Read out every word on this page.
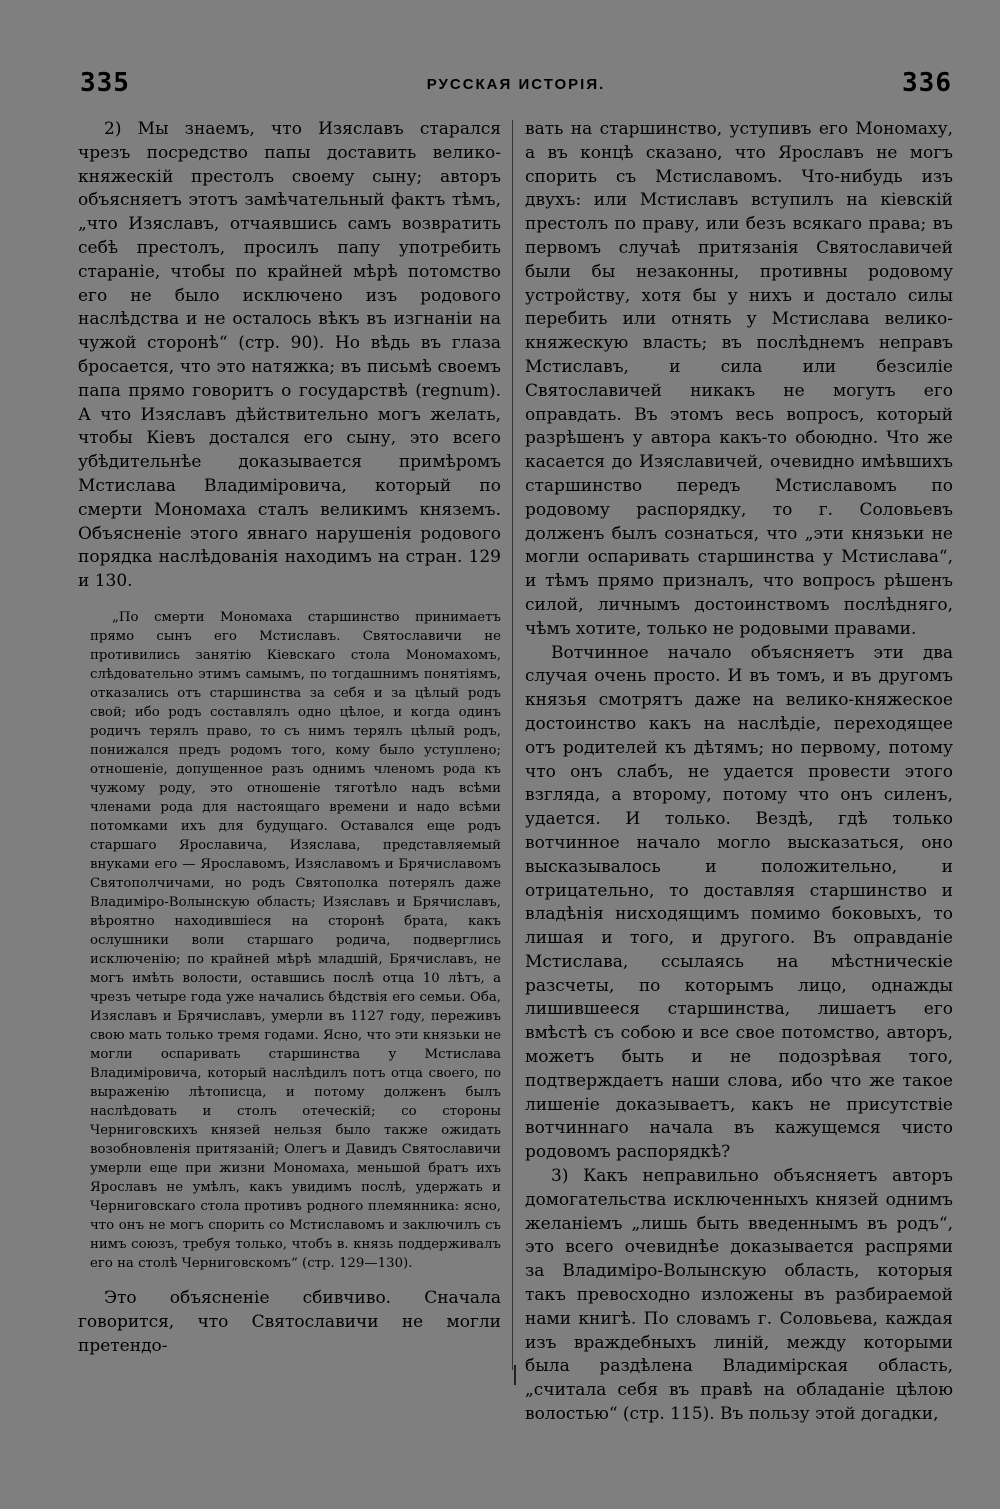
335	РУССКАЯ ИСТОРІЯ.	336

2) Мы знаемъ, что Изяславъ старался чрезъ посредство папы доставить велико-княжескій престолъ своему сыну; авторъ объясняетъ этотъ замѣчательный фактъ тѣмъ, „что Изяславъ, отчаявшись самъ возвратить себѣ престолъ, просилъ папу употребить стараніе, чтобы по крайней мѣрѣ потомство его не было исключено изъ родового наслѣдства и не осталось вѣкъ въ изгнаніи на чужой сторонѣ“ (стр. 90). Но вѣдь въ глаза бросается, что это натяжка; въ письмѣ своемъ папа прямо говоритъ о государствѣ (regnum). А что Изяславъ дѣйствительно могъ желать, чтобы Кіевъ достался его сыну, это всего убѣдительнѣе доказывается примѣромъ Мстислава Владиміровича, который по смерти Мономаха сталъ великимъ княземъ. Объясненіе этого явнаго нарушенія родового порядка наслѣдованія находимъ на стран. 129 и 130.

„По смерти Мономаха старшинство принимаетъ прямо сынъ его Мстиславъ. Святославичи не противились занятію Кіевскаго стола Мономахомъ, слѣдовательно этимъ самымъ, по тогдашнимъ понятіямъ, отказались отъ старшинства за себя и за цѣлый родъ свой; ибо родъ составлялъ одно цѣлое, и когда одинъ родичъ терялъ право, то съ нимъ терялъ цѣлый родъ, понижался предъ родомъ того, кому было уступлено; отношеніе, допущенное разъ однимъ членомъ рода къ чужому роду, это отношеніе тяготѣло надъ всѣми членами рода для настоящаго времени и надо всѣми потомками ихъ для будущаго. Оставался еще родъ старшаго Ярославича, Изяслава, представляемый внуками его — Ярославомъ, Изяславомъ и Брячиславомъ Святополчичами, но родъ Святополка потерялъ даже Владиміро-Волынскую область; Изяславъ и Брячиславъ, вѣроятно находившіеся на сторонѣ брата, какъ ослушники воли старшаго родича, подверглись исключенію; по крайней мѣрѣ младшій, Брячиславъ, не могъ имѣть волости, оставшись послѣ отца 10 лѣтъ, а чрезъ четыре года уже начались бѣдствія его семьи. Оба, Изяславъ и Брячиславъ, умерли въ 1127 году, переживъ свою мать только тремя годами. Ясно, что эти князьки не могли оспаривать старшинства у Мстислава Владиміровича, который наслѣдилъ потъ отца своего, по выраженію лѣтописца, и потому долженъ былъ наслѣдовать и столъ отеческій; со стороны Черниговскихъ князей нельзя было также ожидать возобновленія притязаній; Олегъ и Давидъ Святославичи умерли еще при жизни Мономаха, меньшой братъ ихъ Ярославъ не умѣлъ, какъ увидимъ послѣ, удержать и Черниговскаго стола противъ родного племянника: ясно, что онъ не могъ спорить со Мстиславомъ и заключилъ съ нимъ союзъ, требуя только, чтобъ в. князь поддерживалъ его на столѣ Черниговскомъ“ (стр. 129—130).

Это объясненіе сбивчиво. Сначала говорится, что Святославичи не могли претендо-

вать на старшинство, уступивъ его Мономаху, а въ концѣ сказано, что Ярославъ не могъ спорить съ Мстиславомъ. Что-нибудь изъ двухъ: или Мстиславъ вступилъ на кіевскій престолъ по праву, или безъ всякаго права; въ первомъ случаѣ притязанія Святославичей были бы незаконны, противны родовому устройству, хотя бы у нихъ и достало силы перебить или отнять у Мстислава велико-княжескую власть; въ послѣднемъ неправъ Мстиславъ, и сила или безсиліе Святославичей никакъ не могутъ его оправдать. Въ этомъ весь вопросъ, который разрѣшенъ у автора какъ-то обоюдно. Что же касается до Изяславичей, очевидно имѣвшихъ старшинство передъ Мстиславомъ по родовому распорядку, то г. Соловьевъ долженъ былъ сознаться, что „эти князьки не могли оспаривать старшинства у Мстислава“, и тѣмъ прямо призналъ, что вопросъ рѣшенъ силой, личнымъ достоинствомъ послѣдняго, чѣмъ хотите, только не родовыми правами.

Вотчинное начало объясняетъ эти два случая очень просто. И въ томъ, и въ другомъ князья смотрятъ даже на велико-княжеское достоинство какъ на наслѣдіе, переходящее отъ родителей къ дѣтямъ; но первому, потому что онъ слабъ, не удается провести этого взгляда, а второму, потому что онъ силенъ, удается. И только. Вездѣ, гдѣ только вотчинное начало могло высказаться, оно высказывалось и положительно, и отрицательно, то доставляя старшинство и владѣнія нисходящимъ помимо боковыхъ, то лишая и того, и другого. Въ оправданіе Мстислава, ссылаясь на мѣстническіе разсчеты, по которымъ лицо, однажды лишившееся старшинства, лишаетъ его вмѣстѣ съ собою и все свое потомство, авторъ, можетъ быть и не подозрѣвая того, подтверждаетъ наши слова, ибо что же такое лишеніе доказываетъ, какъ не присутствіе вотчиннаго начала въ кажущемся чисто родовомъ распорядкѣ?

3) Какъ неправильно объясняетъ авторъ домогательства исключенныхъ князей однимъ желаніемъ „лишь быть введеннымъ въ родъ“, это всего очевиднѣе доказывается распрями за Владиміро-Волынскую область, которыя такъ превосходно изложены въ разбираемой нами книгѣ. По словамъ г. Соловьева, каждая изъ враждебныхъ линій, между которыми была раздѣлена Владимірская область, „считала себя въ правѣ на обладаніе цѣлою волостью“ (стр. 115). Въ пользу этой догадки,
